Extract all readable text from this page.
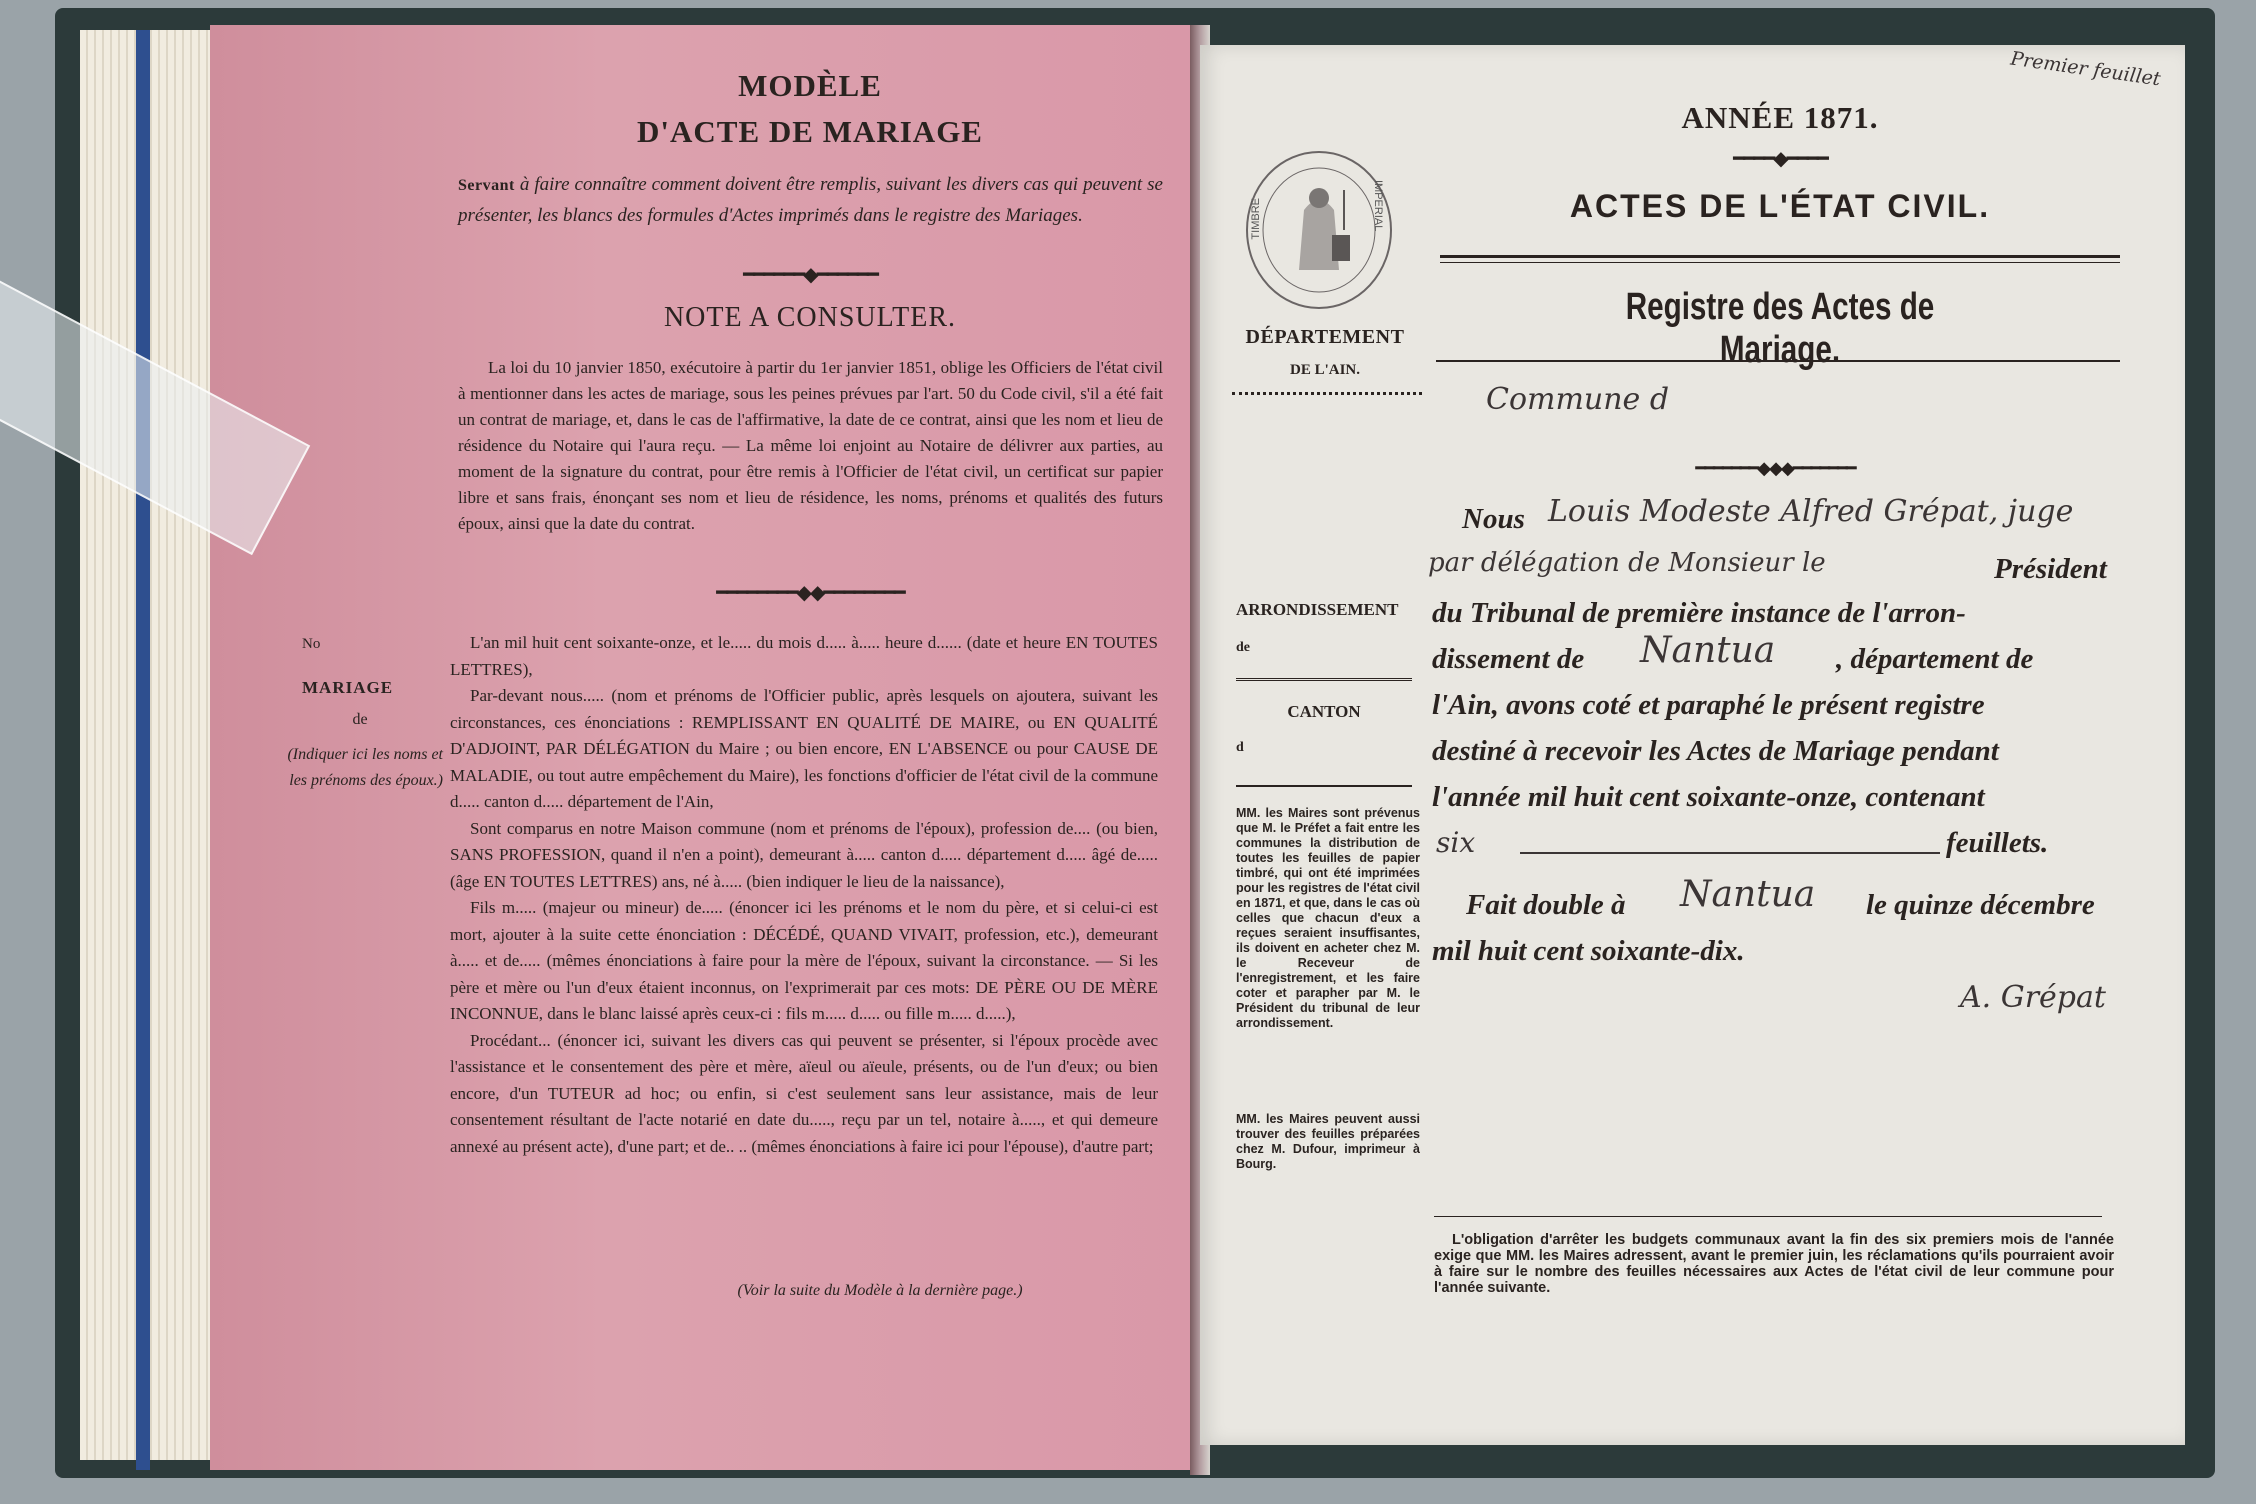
MODÈLE
D'ACTE DE MARIAGE
Servant à faire connaître comment doivent être remplis, suivant les divers cas qui peuvent se présenter, les blancs des formules d'Actes imprimés dans le registre des Mariages.
━━━━━━◆━━━━━━
NOTE A CONSULTER.
La loi du 10 janvier 1850, exécutoire à partir du 1er janvier 1851, oblige les Officiers de l'état civil à mentionner dans les actes de mariage, sous les peines prévues par l'art. 50 du Code civil, s'il a été fait un contrat de mariage, et, dans le cas de l'affirmative, la date de ce contrat, ainsi que les nom et lieu de résidence du Notaire qui l'aura reçu. — La même loi enjoint au Notaire de délivrer aux parties, au moment de la signature du contrat, pour être remis à l'Officier de l'état civil, un certificat sur papier libre et sans frais, énonçant ses nom et lieu de résidence, les noms, prénoms et qualités des futurs époux, ainsi que la date du contrat.
━━━━━━━━◆◆━━━━━━━━
No
MARIAGE
de
(Indiquer ici les noms et les prénoms des époux.)
L'an mil huit cent soixante-onze, et le..... du mois d..... à..... heure d...... (date et heure EN TOUTES LETTRES),
Par-devant nous..... (nom et prénoms de l'Officier public, après lesquels on ajoutera, suivant les circonstances, ces énonciations : REMPLISSANT EN QUALITÉ DE MAIRE, ou EN QUALITÉ D'ADJOINT, PAR DÉLÉGATION du Maire ; ou bien encore, EN L'ABSENCE ou pour CAUSE DE MALADIE, ou tout autre empêchement du Maire), les fonctions d'officier de l'état civil de la commune d..... canton d..... département de l'Ain,
Sont comparus en notre Maison commune (nom et prénoms de l'époux), profession de.... (ou bien, SANS PROFESSION, quand il n'en a point), demeurant à..... canton d..... département d..... âgé de..... (âge EN TOUTES LETTRES) ans, né à..... (bien indiquer le lieu de la naissance),
Fils m..... (majeur ou mineur) de..... (énoncer ici les prénoms et le nom du père, et si celui-ci est mort, ajouter à la suite cette énonciation : DÉCÉDÉ, QUAND VIVAIT, profession, etc.), demeurant à..... et de..... (mêmes énonciations à faire pour la mère de l'époux, suivant la circonstance. — Si les père et mère ou l'un d'eux étaient inconnus, on l'exprimerait par ces mots: DE PÈRE OU DE MÈRE INCONNUE, dans le blanc laissé après ceux-ci : fils m..... d..... ou fille m..... d.....),
Procédant... (énoncer ici, suivant les divers cas qui peuvent se présenter, si l'époux procède avec l'assistance et le consentement des père et mère, aïeul ou aïeule, présents, ou de l'un d'eux; ou bien encore, d'un TUTEUR ad hoc; ou enfin, si c'est seulement sans leur assistance, mais de leur consentement résultant de l'acte notarié en date du....., reçu par un tel, notaire à....., et qui demeure annexé au présent acte), d'une part; et de.. .. (mêmes énonciations à faire ici pour l'épouse), d'autre part;
(Voir la suite du Modèle à la dernière page.)
Premier feuillet
ANNÉE 1871.
━━━━◆━━━━
ACTES DE L'ÉTAT CIVIL.
Registre des Actes de Mariage.
TIMBRE	IMPERIAL
DÉPARTEMENT
DE L'AIN.
ARRONDISSEMENT
de
CANTON
d
MM. les Maires sont prévenus que M. le Préfet a fait entre les communes la distribution de toutes les feuilles de papier timbré, qui ont été imprimées pour les registres de l'état civil en 1871, et que, dans le cas où celles que chacun d'eux a reçues seraient insuffisantes, ils doivent en acheter chez M. le Receveur de l'enregistrement, et les faire coter et parapher par M. le Président du tribunal de leur arrondissement.
MM. les Maires peuvent aussi trouver des feuilles préparées chez M. Dufour, imprimeur à Bourg.
Commune d
━━━━━━━◆◆◆━━━━━━━
Nous Louis Modeste Alfred Grépat, juge
par délégation de Monsieur le	Président
du Tribunal de première instance de l'arron-
dissement de Nantua , département de
l'Ain, avons coté et paraphé le présent registre
destiné à recevoir les Actes de Mariage pendant
l'année mil huit cent soixante-onze, contenant
six	feuillets.
Fait double à Nantua le quinze décembre
mil huit cent soixante-dix.
A. Grépat
L'obligation d'arrêter les budgets communaux avant la fin des six premiers mois de l'année exige que MM. les Maires adressent, avant le premier juin, les réclamations qu'ils pourraient avoir à faire sur le nombre des feuilles nécessaires aux Actes de l'état civil de leur commune pour l'année suivante.
